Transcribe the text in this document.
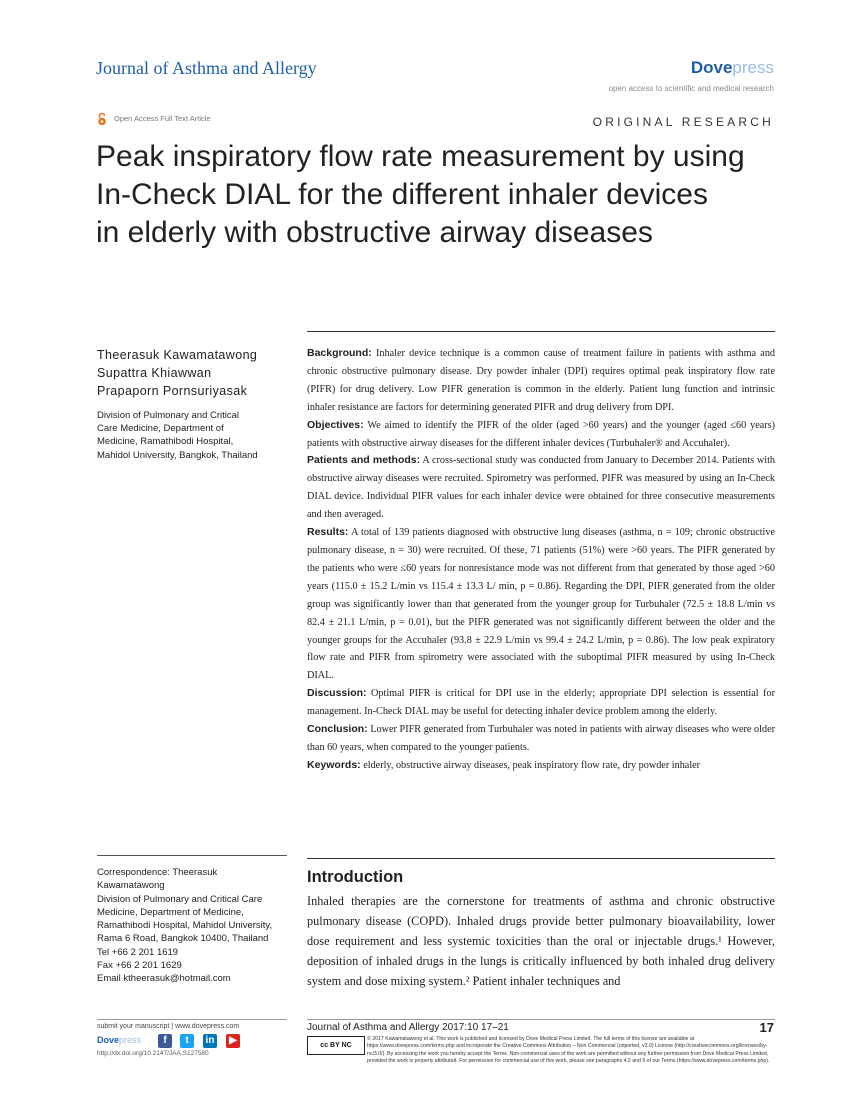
Journal of Asthma and Allergy	Dovepress
open access to scientific and medical research
Open Access Full Text Article	ORIGINAL RESEARCH
Peak inspiratory flow rate measurement by using
In-Check DIAL for the different inhaler devices
in elderly with obstructive airway diseases
Theerasuk Kawamatawong
Supattra Khiawwan
Prapaporn Pornsuriyasak
Division of Pulmonary and Critical
Care Medicine, Department of
Medicine, Ramathibodi Hospital,
Mahidol University, Bangkok, Thailand

Background: Inhaler device technique is a common cause of treatment failure in patients with asthma and chronic obstructive pulmonary disease. Dry powder inhaler (DPI) requires optimal peak inspiratory flow rate (PIFR) for drug delivery. Low PIFR generation is common in the elderly. Patient lung function and intrinsic inhaler resistance are factors for determining generated PIFR and drug delivery from DPI.

Objectives: We aimed to identify the PIFR of the older (aged >60 years) and the younger (aged ≤60 years) patients with obstructive airway diseases for the different inhaler devices (Turbuhaler® and Accuhaler).

Patients and methods: A cross-sectional study was conducted from January to December 2014. Patients with obstructive airway diseases were recruited. Spirometry was performed. PIFR was measured by using an In-Check DIAL device. Individual PIFR values for each inhaler device were obtained for three consecutive measurements and then averaged.

Results: A total of 139 patients diagnosed with obstructive lung diseases (asthma, n = 109; chronic obstructive pulmonary disease, n = 30) were recruited. Of these, 71 patients (51%) were >60 years. The PIFR generated by the patients who were ≤60 years for nonresistance mode was not different from that generated by those aged >60 years (115.0 ± 15.2 L/min vs 115.4 ± 13.3 L/ min, p = 0.86). Regarding the DPI, PIFR generated from the older group was significantly lower than that generated from the younger group for Turbuhaler (72.5 ± 18.8 L/min vs 82.4 ± 21.1 L/min, p = 0.01), but the PIFR generated was not significantly different between the older and the younger groups for the Accuhaler (93.8 ± 22.9 L/min vs 99.4 ± 24.2 L/min, p = 0.86). The low peak expiratory flow rate and PIFR from spirometry were associated with the suboptimal PIFR measured by using In-Check DIAL.

Discussion: Optimal PIFR is critical for DPI use in the elderly; appropriate DPI selection is essential for management. In-Check DIAL may be useful for detecting inhaler device problem among the elderly.

Conclusion: Lower PIFR generated from Turbuhaler was noted in patients with airway diseases who were older than 60 years, when compared to the younger patients.

Keywords: elderly, obstructive airway diseases, peak inspiratory flow rate, dry powder inhaler

Correspondence: Theerasuk
Kawamatawong
Division of Pulmonary and Critical Care
Medicine, Department of Medicine,
Ramathibodi Hospital, Mahidol University,
Rama 6 Road, Bangkok 10400, Thailand
Tel +66 2 201 1619
Fax +66 2 201 1629
Email ktheerasuk@hotmail.com
Introduction
Inhaled therapies are the cornerstone for treatments of asthma and chronic obstructive pulmonary disease (COPD). Inhaled drugs provide better pulmonary bioavailability, lower dose requirement and less systemic toxicities than the oral or injectable drugs.¹ However, deposition of inhaled drugs in the lungs is critically influenced by both inhaled drug delivery system and dose mixing system.² Patient inhaler techniques and
submit your manuscript | www.dovepress.com
Dovepress	f	t	in	▶
http://dx.doi.org/10.2147/JAA.S127580
Journal of Asthma and Allergy 2017:10 17–21	17
cc BY NC
© 2017 Kawamatawong et al. This work is published and licensed by Dove Medical Press Limited. The full terms of this license are available at https://www.dovepress.com/terms.php and incorporate the Creative Commons Attribution – Non Commercial (unported, v3.0) License (http://creativecommons.org/licenses/by-nc/3.0/). By accessing the work you hereby accept the Terms. Non-commercial uses of the work are permitted without any further permission from Dove Medical Press Limited, provided the work is properly attributed. For permission for commercial use of this work, please see paragraphs 4.2 and 5 of our Terms (https://www.dovepress.com/terms.php).
